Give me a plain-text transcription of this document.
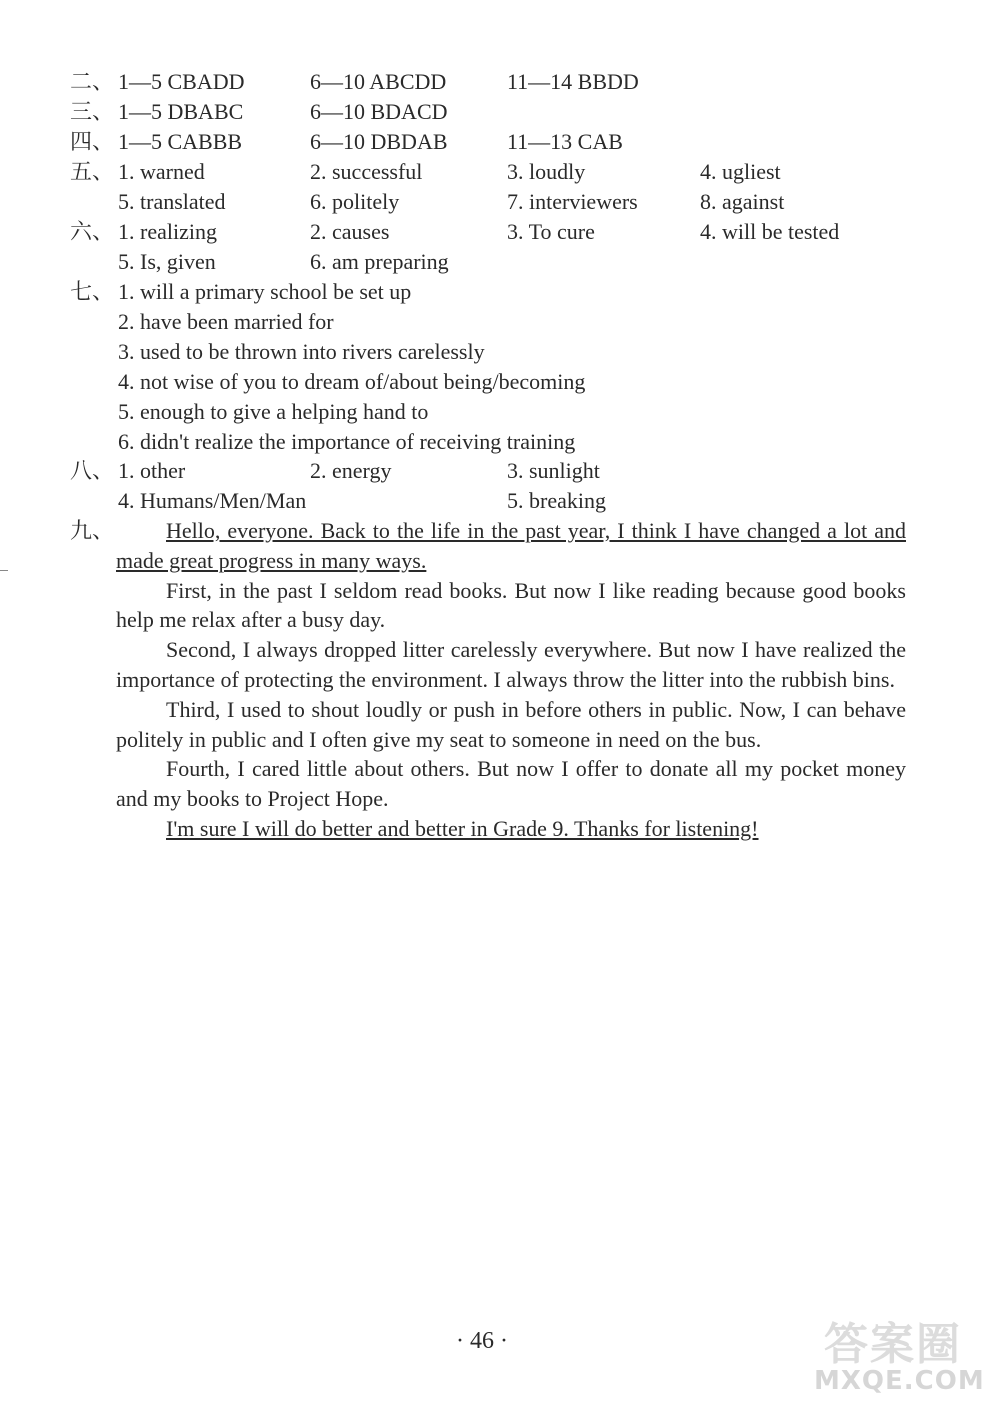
二、 1—5 CBADD	6—10 ABCDD	11—14 BBDD
三、 1—5 DBABC	6—10 BDACD
四、 1—5 CABBB	6—10 DBDAB	11—13 CAB
五、 1. warned	2. successful	3. loudly	4. ugliest
5. translated	6. politely	7. interviewers	8. against
六、 1. realizing	2. causes	3. To cure	4. will be tested
5. Is, given	6. am preparing
七、 1. will a primary school be set up
2. have been married for
3. used to be thrown into rivers carelessly
4. not wise of you to dream of/about being/becoming
5. enough to give a helping hand to
6. didn't realize the importance of receiving training
八、 1. other	2. energy	3. sunlight
4. Humans/Men/Man	5. breaking
九、	Hello, everyone. Back to the life in the past year, I think I have changed a lot and made great progress in many ways.

First, in the past I seldom read books. But now I like reading because good books help me relax after a busy day.

Second, I always dropped litter carelessly everywhere. But now I have realized the importance of protecting the environment. I always throw the litter into the rubbish bins.

Third, I used to shout loudly or push in before others in public. Now, I can behave politely in public and I often give my seat to someone in need on the bus.

Fourth, I cared little about others. But now I offer to donate all my pocket money and my books to Project Hope.

I'm sure I will do better and better in Grade 9. Thanks for listening!

· 46 ·	答案圈
MXQE.COM
